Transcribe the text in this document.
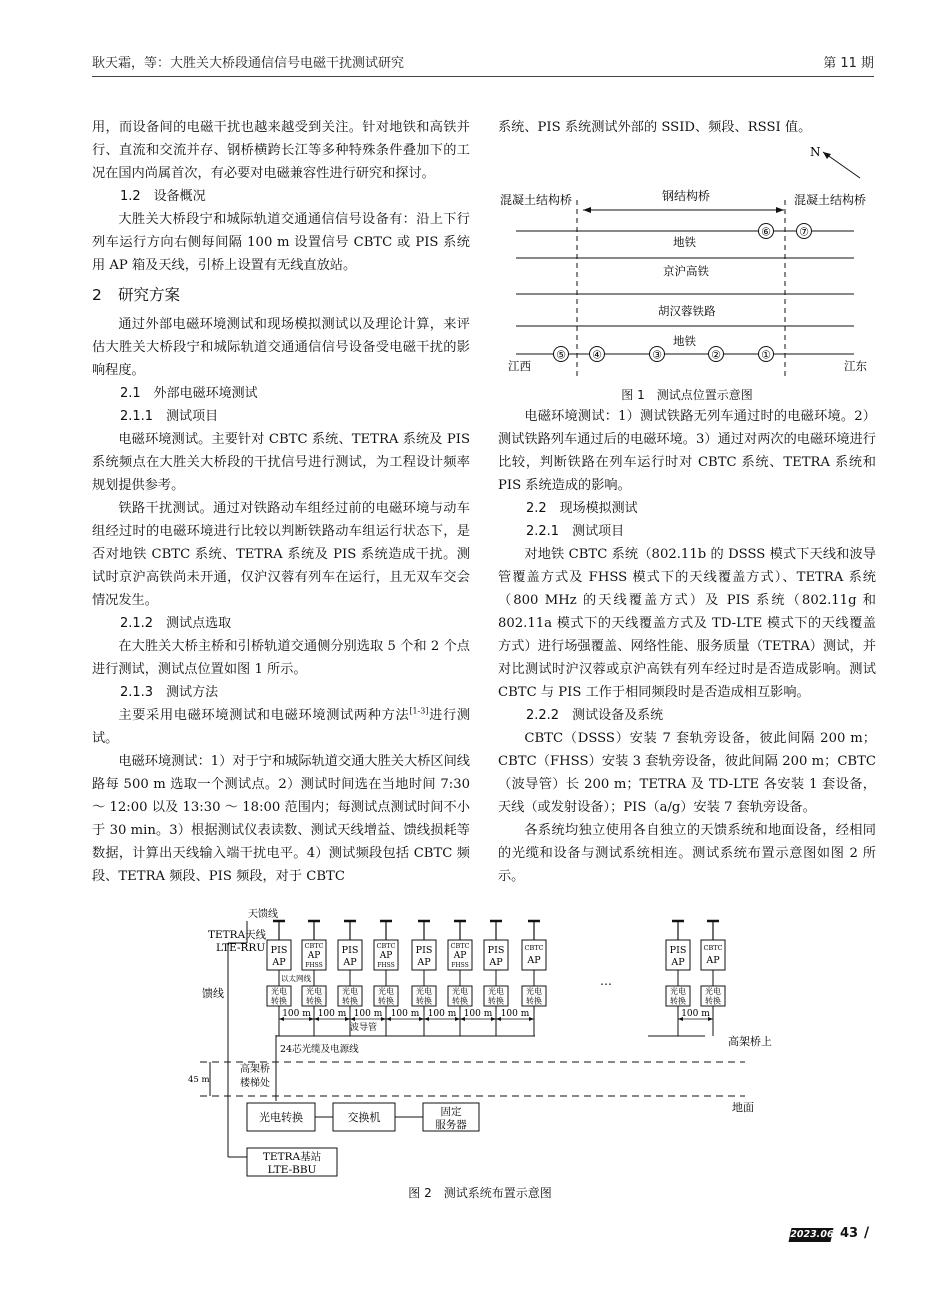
耿天霜，等：大胜关大桥段通信信号电磁干扰测试研究	第 11 期

用，而设备间的电磁干扰也越来越受到关注。针对地铁和高铁并行、直流和交流并存、钢桥横跨长江等多种特殊条件叠加下的工况在国内尚属首次，有必要对电磁兼容性进行研究和探讨。

1.2　设备概况

大胜关大桥段宁和城际轨道交通通信信号设备有：沿上下行列车运行方向右侧每间隔 100 m 设置信号 CBTC 或 PIS 系统用 AP 箱及天线，引桥上设置有无线直放站。

2 研究方案

通过外部电磁环境测试和现场模拟测试以及理论计算，来评估大胜关大桥段宁和城际轨道交通通信信号设备受电磁干扰的影响程度。

2.1　外部电磁环境测试
2.1.1　测试项目

电磁环境测试。主要针对 CBTC 系统、TETRA 系统及 PIS 系统频点在大胜关大桥段的干扰信号进行测试，为工程设计频率规划提供参考。

铁路干扰测试。通过对铁路动车组经过前的电磁环境与动车组经过时的电磁环境进行比较以判断铁路动车组运行状态下，是否对地铁 CBTC 系统、TETRA 系统及 PIS 系统造成干扰。测试时京沪高铁尚未开通，仅沪汉蓉有列车在运行，且无双车交会情况发生。

2.1.2　测试点选取

在大胜关大桥主桥和引桥轨道交通侧分别选取 5 个和 2 个点进行测试，测试点位置如图 1 所示。

2.1.3　测试方法

主要采用电磁环境测试和电磁环境测试两种方法[1-3]进行测试。

电磁环境测试：1）对于宁和城际轨道交通大胜关大桥区间线路每 500 m 选取一个测试点。2）测试时间选在当地时间 7:30 ～ 12:00 以及 13:30 ～ 18:00 范围内；每测试点测试时间不小于 30 min。3）根据测试仪表读数、测试天线增益、馈线损耗等数据，计算出天线输入端干扰电平。4）测试频段包括 CBTC 频段、TETRA 频段、PIS 频段，对于 CBTC

系统、PIS 系统测试外部的 SSID、频段、RSSI 值。

N
混凝土结构桥	钢结构桥	混凝土结构桥
地铁
京沪高铁
胡汉蓉铁路
地铁
⑥	⑦
⑤ ④	③	②	①
江西	江东
图 1　测试点位置示意图

电磁环境测试：1）测试铁路无列车通过时的电磁环境。2）测试铁路列车通过后的电磁环境。3）通过对两次的电磁环境进行比较，判断铁路在列车运行时对 CBTC 系统、TETRA 系统和 PIS 系统造成的影响。

2.2　现场模拟测试
2.2.1　测试项目

对地铁 CBTC 系统（802.11b 的 DSSS 模式下天线和波导管覆盖方式及 FHSS 模式下的天线覆盖方式）、TETRA 系统（800 MHz 的天线覆盖方式）及 PIS 系统（802.11g 和 802.11a 模式下的天线覆盖方式及 TD-LTE 模式下的天线覆盖方式）进行场强覆盖、网络性能、服务质量（TETRA）测试，并对比测试时沪汉蓉或京沪高铁有列车经过时是否造成影响。测试 CBTC 与 PIS 工作于相同频段时是否造成相互影响。

2.2.2　测试设备及系统

CBTC（DSSS）安装 7 套轨旁设备，彼此间隔 200 m；CBTC（FHSS）安装 3 套轨旁设备，彼此间隔 200 m；CBTC（波导管）长 200 m；TETRA 及 TD-LTE 各安装 1 套设备，天线（或发射设备）；PIS（a/g）安装 7 套轨旁设备。

各系统均独立使用各自独立的天馈系统和地面设备，经相同的光缆和设备与测试系统相连。测试系统布置示意图如图 2 所示。

天馈线
TETRA天线
LTE-RRU
馈线
PIS
AP
光电
转换
CBTC
AP
FHSS
光电
转换
PIS
AP
光电
转换
CBTC
AP
FHSS
光电
转换
PIS
AP
光电
转换
CBTC
AP
FHSS
光电
转换
PIS
AP
光电
转换
CBTC
AP
光电
转换
PIS
AP
光电
转换
CBTC
AP
光电
转换
以太网线
100 m 100 m 100 m 100 m 100 m 100 m 100 m	100 m
波导管
24芯光缆及电源线
高架桥上
…
45 m
高架桥
楼梯处
地面
光电转换	交换机	固定
服务器
TETRA基站
LTE-BBU
图 2　测试系统布置示意图
2023.06 43 /
